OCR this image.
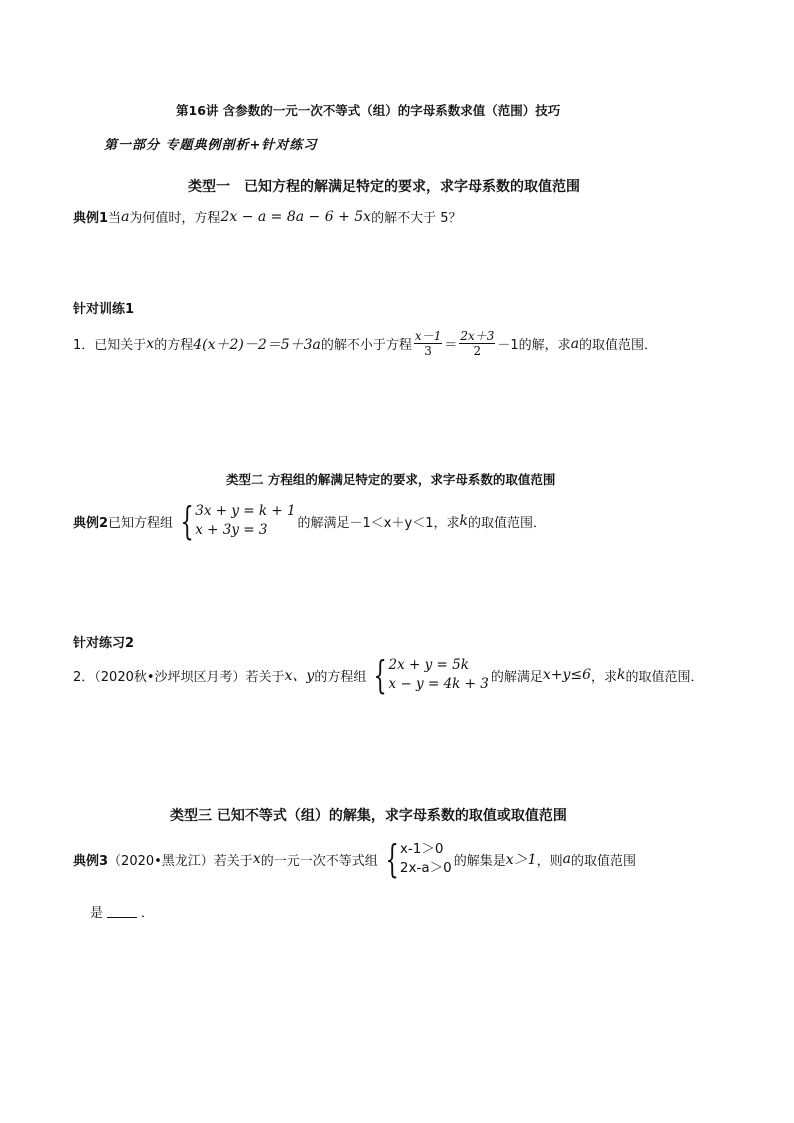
第16讲 含参数的一元一次不等式（组）的字母系数求值（范围）技巧
第一部分 专题典例剖析+针对练习
类型一　已知方程的解满足特定的要求，求字母系数的取值范围
典例1 当 a 为何值时，方程 2x − a = 8a − 6 + 5x 的解不大于 5？
针对训练1
1．已知关于 x 的方程 4(x＋2)－2＝5＋3a 的解不小于方程 $\frac{x-1}{3} = \frac{2x+3}{2} -1$ 的解，求 a 的取值范围．
类型二 方程组的解满足特定的要求，求字母系数的取值范围
典例2 已知方程组 { 3x + y = k + 1
x + 3y = 3	的解满足－1＜x＋y＜1，求 k 的取值范围．
针对练习2
2．（2020秋•沙坪坝区月考）若关于 x、y 的方程组 { 2x + y = 5k
x − y = 4k + 3 的解满足 x+y≤6 ，求 k 的取值范围．
类型三 已知不等式（组）的解集，求字母系数的取值或取值范围
典例3 （2020•黑龙江）若关于 x 的一元一次不等式组 { x-1＞0
2x-a＞0 的解集是 x＞1 ，则 a 的取值范围
是	．
